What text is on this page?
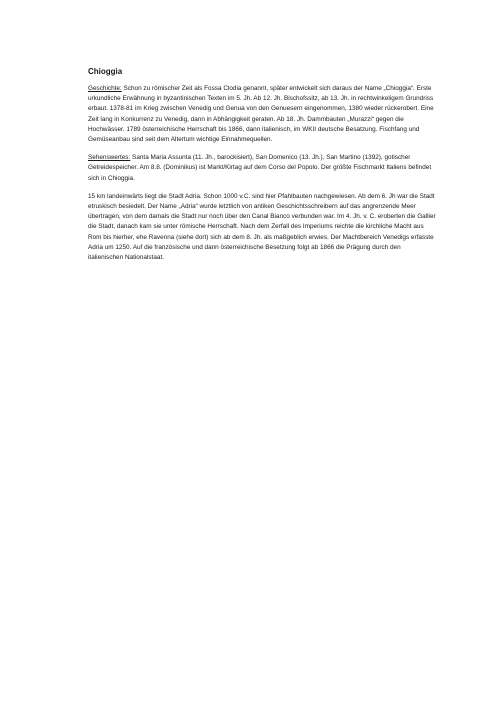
Chioggia

Geschichte: Schon zu römischer Zeit als Fossa Clodia genannt, später entwickelt sich daraus der Name „Chioggia“. Erste urkundliche Erwähnung in byzantinischen Texten im 5. Jh. Ab 12. Jh. Bischofssitz, ab 13. Jh. in rechtwinkeligem Grundriss erbaut. 1378-81 im Krieg zwischen Venedig und Genua von den Genuesern eingenommen, 1380 wieder rückerobert. Eine Zeit lang in Konkurrenz zu Venedig, dann in Abhängigkeit geraten. Ab 18. Jh. Dammbauten „Murazzi“ gegen die Hochwässer. 1789 österreichische Herrschaft bis 1866, dann italienisch, im WKII deutsche Besatzung. Fischfang und Gemüseanbau sind seit dem Altertum wichtige Einnahmequellen.

Sehenswertes: Santa Maria Assunta (11. Jh., barockisiert), San Domenico (13. Jh.), San Martino (1392), gotischer Getreidespeicher. Am 8.8. (Dominikus) ist Markt/Kirtag auf dem Corso del Popolo. Der größte Fischmarkt Italiens befindet sich in Chioggia.

15 km landeinwärts liegt die Stadt Adria. Schon 1000 v.C. sind hier Pfahlbauten nachgewiesen. Ab dem 6. Jh war die Stadt etruskisch besiedelt. Der Name „Adria“ wurde letztlich von antiken Geschichtsschreibern auf das angrenzende Meer übertragen, von dem damals die Stadt nur noch über den Canal Bianco verbunden war. Im 4. Jh. v. C. eroberten die Gallier die Stadt, danach kam sie unter römische Herrschaft. Nach dem Zerfall des Imperiums reichte die kirchliche Macht aus Rom bis hierher, ehe Ravenna (siehe dort) sich ab dem 8. Jh. als maßgeblich erwies. Der Machtbereich Venedigs erfasste Adria um 1250. Auf die französische und dann österreichische Besetzung folgt ab 1866 die Prägung durch den italienischen Nationalstaat.
